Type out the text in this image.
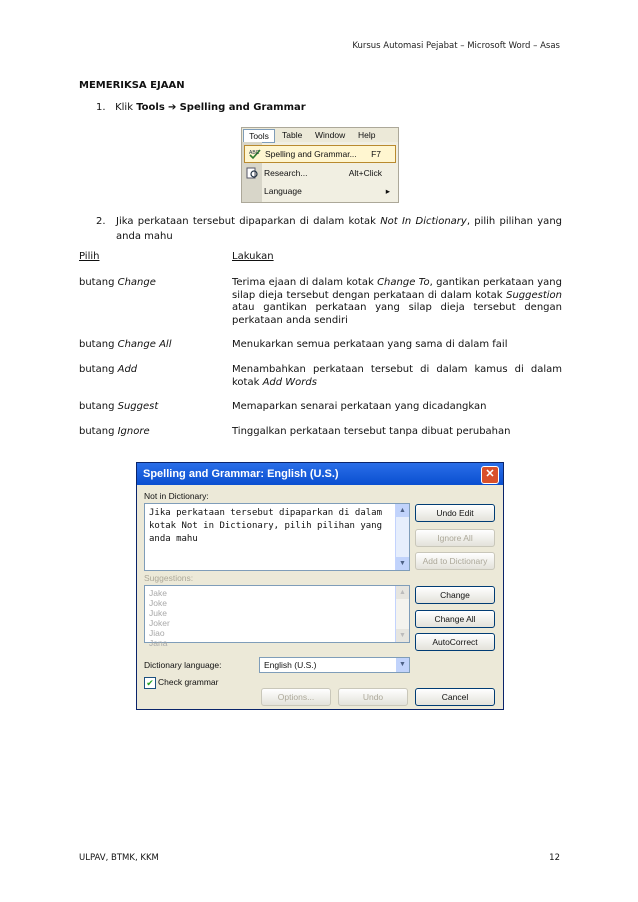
Kursus Automasi Pejabat – Microsoft Word – Asas
MEMERIKSA EJAAN
1. Klik Tools ➔ Spelling and Grammar
Tools	Table Window Help
ABC Spelling and Grammar... F7
Research...	Alt+Click
Language	▸
2. Jika perkataan tersebut dipaparkan di dalam kotak Not In Dictionary, pilih pilihan yang anda mahu
Pilih	Lakukan
butang Change	Terima ejaan di dalam kotak Change To, gantikan perkataan yang silap dieja tersebut dengan perkataan di dalam kotak Suggestion atau gantikan perkataan yang silap dieja tersebut dengan perkataan anda sendiri
butang Change All	Menukarkan semua perkataan yang sama di dalam fail
butang Add	Menambahkan perkataan tersebut di dalam kamus di dalam kotak Add Words
butang Suggest	Memaparkan senarai perkataan yang dicadangkan
butang Ignore	Tinggalkan perkataan tersebut tanpa dibuat perubahan
Spelling and Grammar: English (U.S.)	✕
Not in Dictionary:
Jika perkataan tersebut dipaparkan di dalam kotak Not in Dictionary, pilih pilihan yang anda mahu
▲
▼
Undo Edit
Ignore All
Add to Dictionary
Suggestions:
Jake
Joke
Juke
Joker
Jiao
Jana
▲
▼
Change
Change All
AutoCorrect
Dictionary language:	English (U.S.)	▼
✔ Check grammar
Options...	Undo	Cancel
ULPAV, BTMK, KKM	12
